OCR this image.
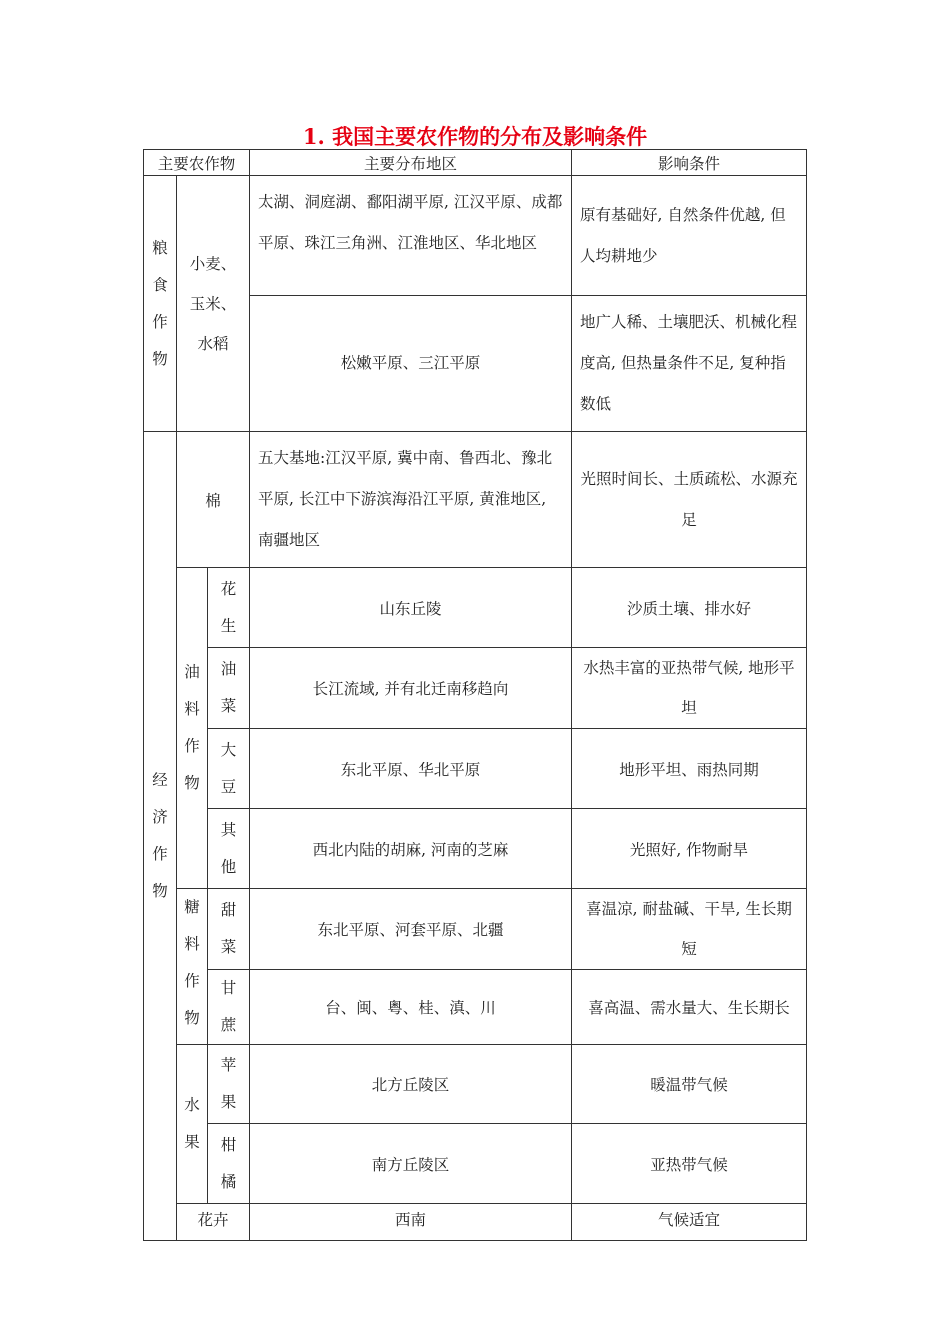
1. 我国主要农作物的分布及影响条件
主要农作物			主要分布地区	影响条件

粮
食
作
物	小麦、
玉米、
水稻		太湖、洞庭湖、鄱阳湖平原, 江汉平原、成都平原、珠江三角洲、江淮地区、华北地区	原有基础好, 自然条件优越, 但人均耕地少
			松嫩平原、三江平原	地广人稀、土壤肥沃、机械化程度高, 但热量条件不足, 复种指数低

经
济
作
物	棉		五大基地:江汉平原, 冀中南、鲁西北、豫北平原, 长江中下游滨海沿江平原, 黄淮地区, 南疆地区	光照时间长、土质疏松、水源充足

	油
料
作
物	花
生	山东丘陵	沙质土壤、排水好

		油
菜	长江流域, 并有北迁南移趋向	水热丰富的亚热带气候, 地形平坦

		大
豆	东北平原、华北平原	地形平坦、雨热同期

		其
他	西北内陆的胡麻, 河南的芝麻	光照好, 作物耐旱

	糖
料
作
物	甜
菜	东北平原、河套平原、北疆	喜温凉, 耐盐碱、干旱, 生长期短

		甘
蔗	台、闽、粤、桂、滇、川	喜高温、需水量大、生长期长

	水
果	苹
果	北方丘陵区	暖温带气候

		柑
橘	南方丘陵区	亚热带气候
	花卉		西南	气候适宜
